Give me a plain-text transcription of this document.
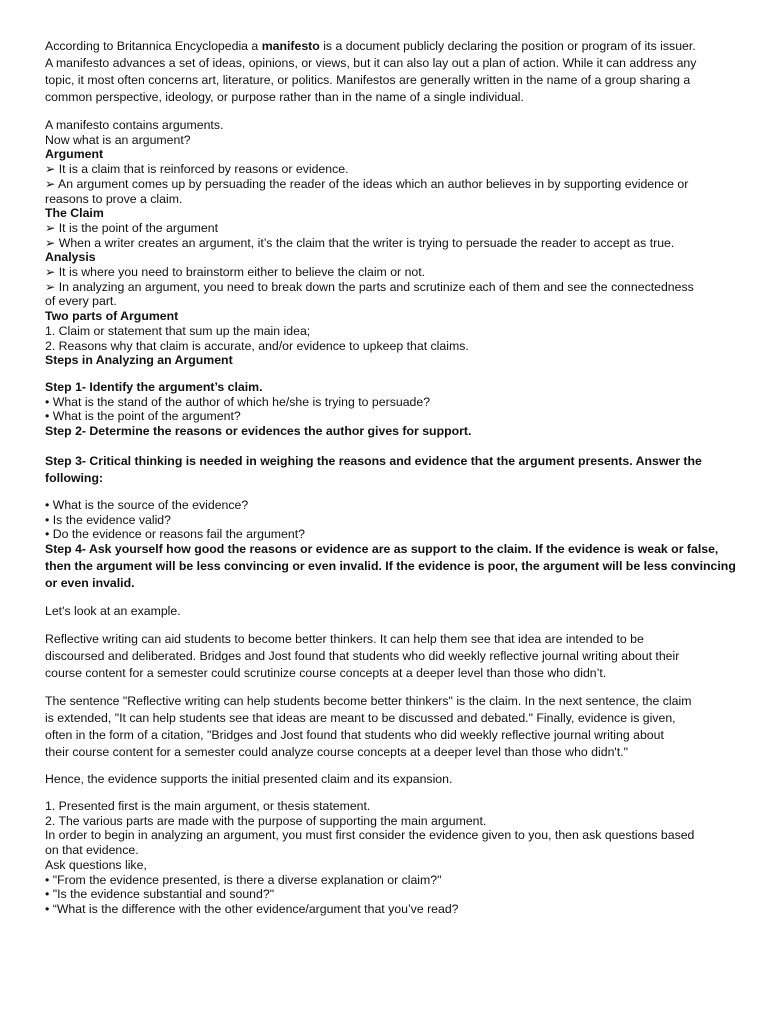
According to Britannica Encyclopedia a manifesto is a document publicly declaring the position or program of its issuer.
A manifesto advances a set of ideas, opinions, or views, but it can also lay out a plan of action. While it can address any
topic, it most often concerns art, literature, or politics. Manifestos are generally written in the name of a group sharing a
common perspective, ideology, or purpose rather than in the name of a single individual.
A manifesto contains arguments.
Now what is an argument?
Argument
➢ It is a claim that is reinforced by reasons or evidence.
➢ An argument comes up by persuading the reader of the ideas which an author believes in by supporting evidence or
reasons to prove a claim.
The Claim
➢ It is the point of the argument
➢ When a writer creates an argument, it’s the claim that the writer is trying to persuade the reader to accept as true.
Analysis
➢ It is where you need to brainstorm either to believe the claim or not.
➢ In analyzing an argument, you need to break down the parts and scrutinize each of them and see the connectedness
of every part.
Two parts of Argument
1. Claim or statement that sum up the main idea;
2. Reasons why that claim is accurate, and/or evidence to upkeep that claims.
Steps in Analyzing an Argument
Step 1- Identify the argument’s claim.
• What is the stand of the author of which he/she is trying to persuade?
• What is the point of the argument?
Step 2- Determine the reasons or evidences the author gives for support.
Step 3- Critical thinking is needed in weighing the reasons and evidence that the argument presents. Answer the
following:
• What is the source of the evidence?
• Is the evidence valid?
• Do the evidence or reasons fail the argument?
Step 4- Ask yourself how good the reasons or evidence are as support to the claim. If the evidence is weak or false,
then the argument will be less convincing or even invalid. If the evidence is poor, the argument will be less convincing
or even invalid.
Let's look at an example.
Reflective writing can aid students to become better thinkers. It can help them see that idea are intended to be
discoursed and deliberated. Bridges and Jost found that students who did weekly reflective journal writing about their
course content for a semester could scrutinize course concepts at a deeper level than those who didn’t.
The sentence "Reflective writing can help students become better thinkers" is the claim. In the next sentence, the claim
is extended, "It can help students see that ideas are meant to be discussed and debated." Finally, evidence is given,
often in the form of a citation, "Bridges and Jost found that students who did weekly reflective journal writing about
their course content for a semester could analyze course concepts at a deeper level than those who didn't."
Hence, the evidence supports the initial presented claim and its expansion.
1. Presented first is the main argument, or thesis statement.
2. The various parts are made with the purpose of supporting the main argument.
In order to begin in analyzing an argument, you must first consider the evidence given to you, then ask questions based
on that evidence.
Ask questions like,
• "From the evidence presented, is there a diverse explanation or claim?"
• "Is the evidence substantial and sound?"
• “What is the difference with the other evidence/argument that you’ve read?
